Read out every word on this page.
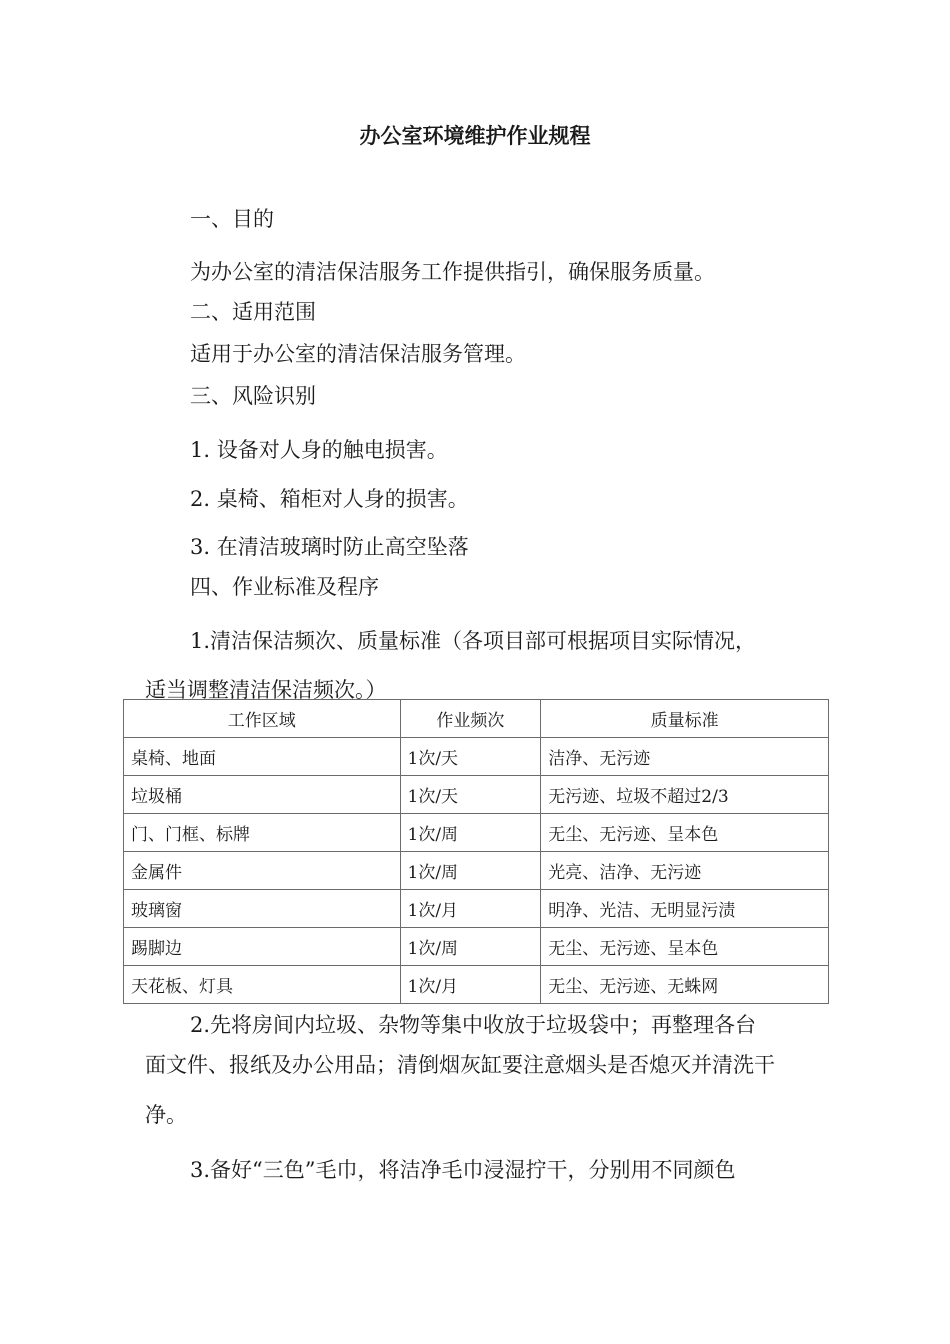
办公室环境维护作业规程

一、目的

为办公室的清洁保洁服务工作提供指引，确保服务质量。

二、适用范围

适用于办公室的清洁保洁服务管理。

三、风险识别

1. 设备对人身的触电损害。

2. 桌椅、箱柜对人身的损害。

3. 在清洁玻璃时防止高空坠落

四、作业标准及程序

1.清洁保洁频次、质量标准（各项目部可根据项目实际情况，

适当调整清洁保洁频次。）

工作区域	作业频次	质量标准
桌椅、地面	1次/天	洁净、无污迹
垃圾桶	1次/天	无污迹、垃圾不超过2/3
门、门框、标牌	1次/周	无尘、无污迹、呈本色
金属件	1次/周	光亮、洁净、无污迹
玻璃窗	1次/月	明净、光洁、无明显污渍
踢脚边	1次/周	无尘、无污迹、呈本色
天花板、灯具	1次/月	无尘、无污迹、无蛛网

2.先将房间内垃圾、杂物等集中收放于垃圾袋中；再整理各台

面文件、报纸及办公用品；清倒烟灰缸要注意烟头是否熄灭并清洗干

净。

3.备好“三色”毛巾，将洁净毛巾浸湿拧干，分别用不同颜色
